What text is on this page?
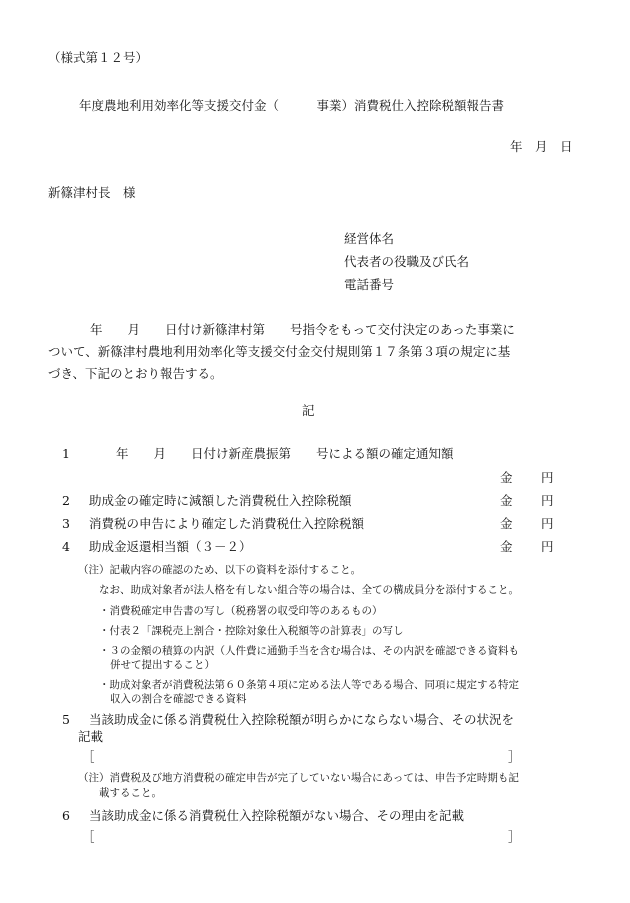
（様式第１２号）
年度農地利用効率化等支援交付金（　　　事業）消費税仕入控除税額報告書
年　月　日
新篠津村長　様
経営体名
代表者の役職及び氏名
電話番号
年　　月　　日付け新篠津村第　　号指令をもって交付決定のあった事業に
ついて、新篠津村農地利用効率化等支援交付金交付規則第１７条第３項の規定に基
づき、下記のとおり報告する。
記
1	年　　月　　日付け新産農振第　　号による額の確定通知額
金 円
2 助成金の確定時に減額した消費税仕入控除税額	金 円
3 消費税の申告により確定した消費税仕入控除税額	金 円
4 助成金返還相当額（３－２）	金 円
（注）記載内容の確認のため、以下の資料を添付すること。
なお、助成対象者が法人格を有しない組合等の場合は、全ての構成員分を添付すること。
・消費税確定申告書の写し（税務署の収受印等のあるもの）
・付表２「課税売上割合・控除対象仕入税額等の計算表」の写し
・３の金額の積算の内訳（人件費に通勤手当を含む場合は、その内訳を確認できる資料も
併せて提出すること）
・助成対象者が消費税法第６０条第４項に定める法人等である場合、同項に規定する特定
収入の割合を確認できる資料
5 当該助成金に係る消費税仕入控除税額が明らかにならない場合、その状況を
記載
［	］
（注）消費税及び地方消費税の確定申告が完了していない場合にあっては、申告予定時期も記
載すること。
6 当該助成金に係る消費税仕入控除税額がない場合、その理由を記載
［	］
